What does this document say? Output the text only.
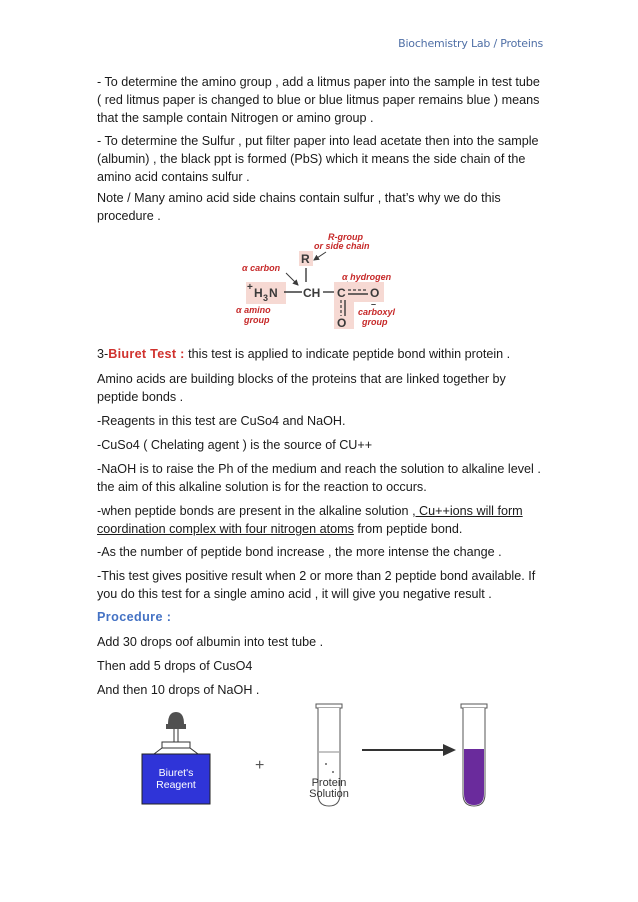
Biochemistry Lab / Proteins

- To determine the amino group , add a litmus paper into the sample in test tube ( red litmus paper is changed to blue or blue litmus paper remains blue ) means that the sample contain Nitrogen or amino group .

- To determine the Sulfur , put filter paper into lead acetate then into the sample (albumin) , the black ppt is formed (PbS) which it means the side chain of the amino acid contains sulfur .

Note / Many amino acid side chains contain sulfur , that’s why we do this procedure .

R-group
or side chain
R
α carbon
α hydrogen
+ H 3 N CH C O
O
–
α amino
group
carboxyl
group

3-Biuret Test : this test is applied to indicate peptide bond within protein .

Amino acids are building blocks of the proteins that are linked together by peptide bonds .

-Reagents in this test are CuSo4 and NaOH.

-CuSo4 ( Chelating agent ) is the source of CU++

-NaOH is to raise the Ph of the medium and reach the solution to alkaline level . the aim of this alkaline solution is for the reaction to occurs.

-when peptide bonds are present in the alkaline solution , Cu++ions will form coordination complex with four nitrogen atoms from peptide bond.

-As the number of peptide bond increase , the more intense the change .

-This test gives positive result when 2 or more than 2 peptide bond available. If you do this test for a single amino acid , it will give you negative result .

Procedure :

Add 30 drops oof albumin into test tube .

Then add 5 drops of CusO4

And then 10 drops of NaOH .

Biuret's
Reagent
+
Protein
Solution
